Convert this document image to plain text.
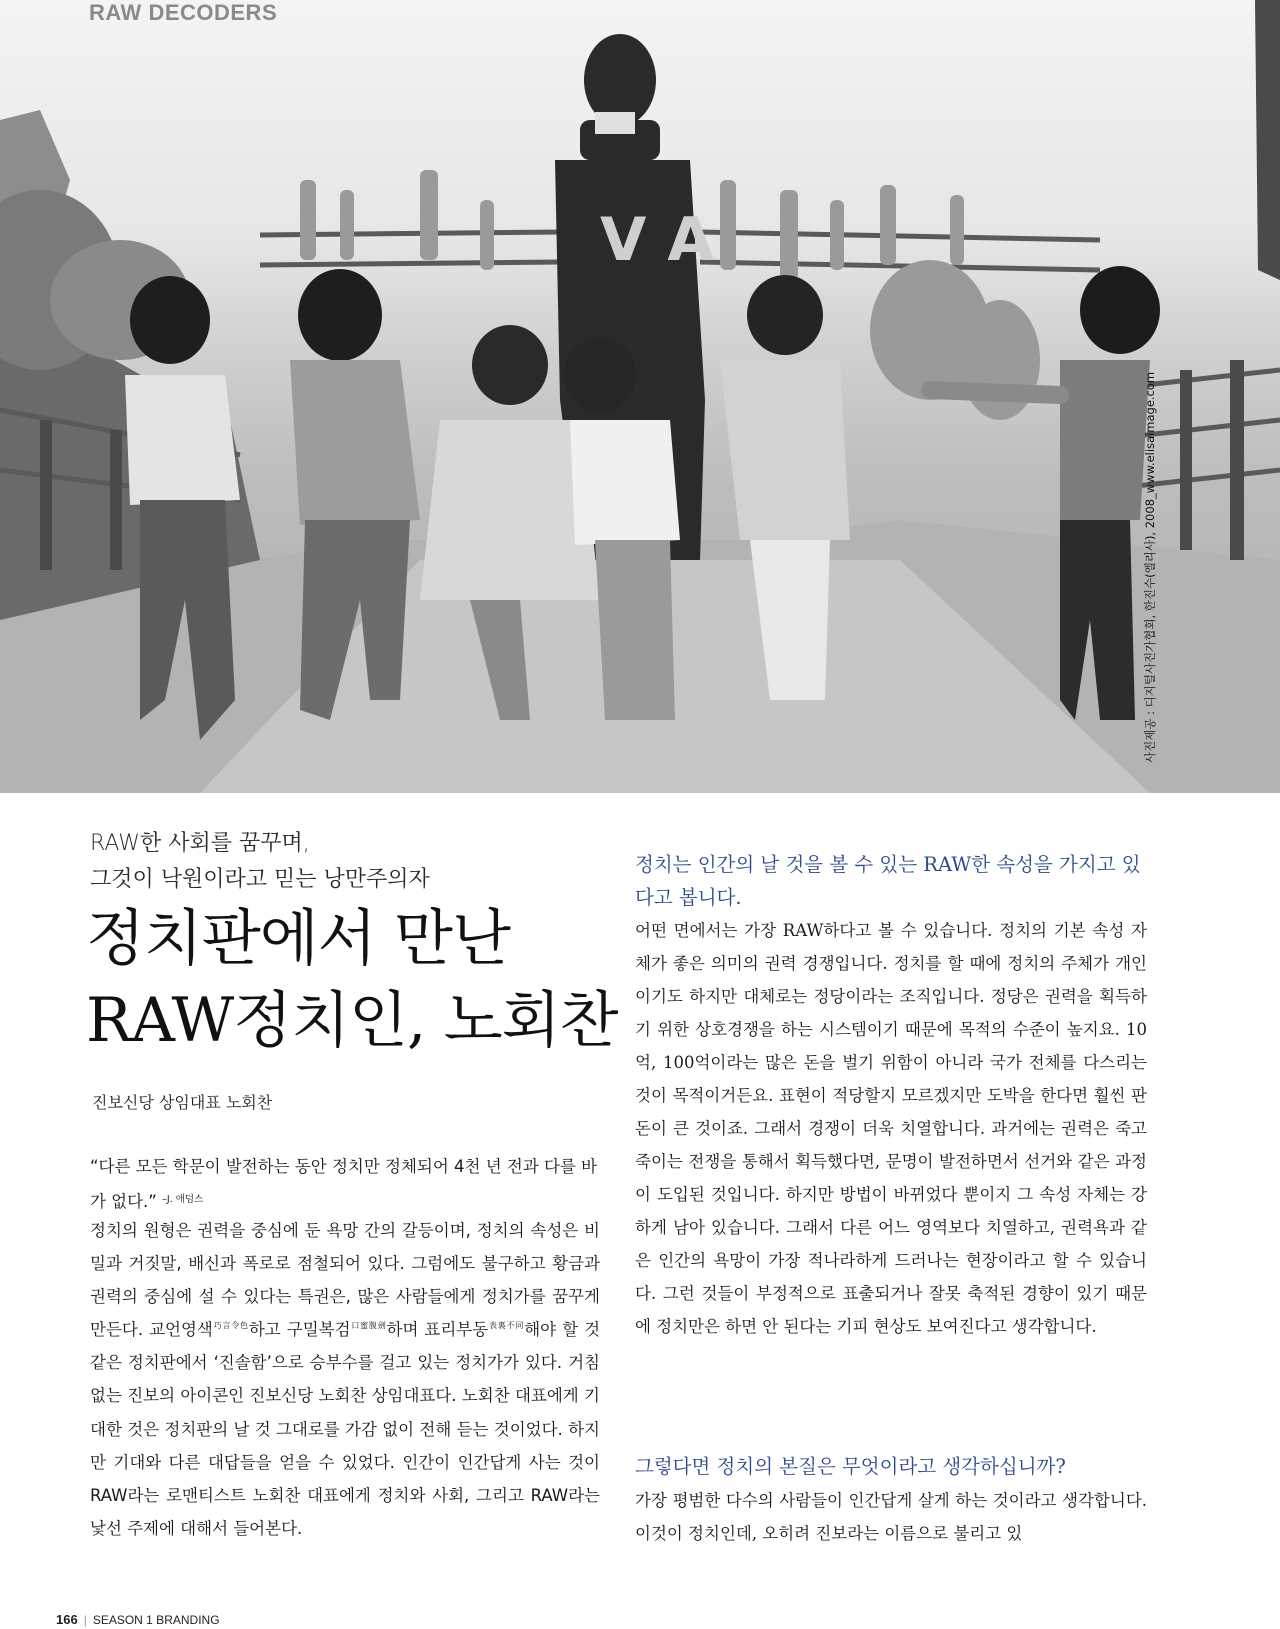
V A
RAW DECODERS
사진제공 : 디지털사진가협회, 한진수(엘리사), 2008_www.elisaimage.com
RAW한 사회를 꿈꾸며,
그것이 낙원이라고 믿는 낭만주의자
정치판에서 만난
RAW정치인, 노회찬
진보신당 상임대표 노회찬
“다른 모든 학문이 발전하는 동안 정치만 정체되어 4천 년 전과 다를 바가 없다.” $^{-J. 애덤스}$
정치의 원형은 권력을 중심에 둔 욕망 간의 갈등이며, 정치의 속성은 비밀과 거짓말, 배신과 폭로로 점철되어 있다. 그럼에도 불구하고 황금과 권력의 중심에 설 수 있다는 특권은, 많은 사람들에게 정치가를 꿈꾸게 만든다. 교언영색$^{巧言令色}$하고 구밀복검$^{口蜜腹劍}$하며 표리부동$^{表裏不同}$해야 할 것 같은 정치판에서 ‘진솔함’으로 승부수를 걸고 있는 정치가가 있다. 거침없는 진보의 아이콘인 진보신당 노회찬 상임대표다. 노회찬 대표에게 기대한 것은 정치판의 날 것 그대로를 가감 없이 전해 듣는 것이었다. 하지만 기대와 다른 대답들을 얻을 수 있었다. 인간이 인간답게 사는 것이 RAW라는 로맨티스트 노회찬 대표에게 정치와 사회, 그리고 RAW라는 낯선 주제에 대해서 들어본다.
정치는 인간의 날 것을 볼 수 있는 RAW한 속성을 가지고 있다고 봅니다.
어떤 면에서는 가장 RAW하다고 볼 수 있습니다. 정치의 기본 속성 자체가 좋은 의미의 권력 경쟁입니다. 정치를 할 때에 정치의 주체가 개인이기도 하지만 대체로는 정당이라는 조직입니다. 정당은 권력을 획득하기 위한 상호경쟁을 하는 시스템이기 때문에 목적의 수준이 높지요. 10억, 100억이라는 많은 돈을 벌기 위함이 아니라 국가 전체를 다스리는 것이 목적이거든요. 표현이 적당할지 모르겠지만 도박을 한다면 훨씬 판돈이 큰 것이죠. 그래서 경쟁이 더욱 치열합니다. 과거에는 권력은 죽고 죽이는 전쟁을 통해서 획득했다면, 문명이 발전하면서 선거와 같은 과정이 도입된 것입니다. 하지만 방법이 바뀌었다 뿐이지 그 속성 자체는 강하게 남아 있습니다. 그래서 다른 어느 영역보다 치열하고, 권력욕과 같은 인간의 욕망이 가장 적나라하게 드러나는 현장이라고 할 수 있습니다. 그런 것들이 부정적으로 표출되거나 잘못 축적된 경향이 있기 때문에 정치만은 하면 안 된다는 기피 현상도 보여진다고 생각합니다.
그렇다면 정치의 본질은 무엇이라고 생각하십니까?
가장 평범한 다수의 사람들이 인간답게 살게 하는 것이라고 생각합니다. 이것이 정치인데, 오히려 진보라는 이름으로 불리고 있
166 | SEASON 1 BRANDING
